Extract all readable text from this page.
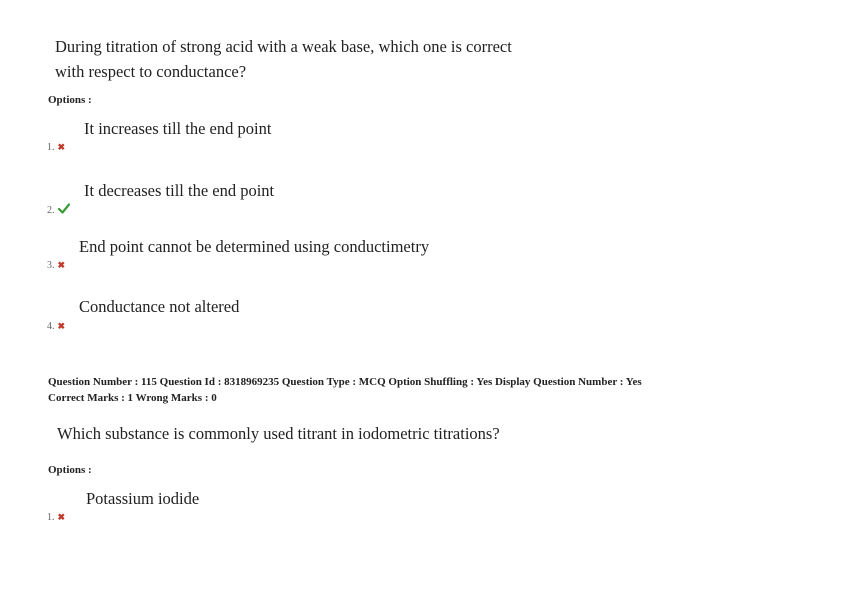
During titration of strong acid with a weak base, which one is correct
with respect to conductance?
Options :
It increases till the end point
1. ✖
It decreases till the end point
2.
End point cannot be determined using conductimetry
3. ✖
Conductance not altered
4. ✖
Question Number : 115 Question Id : 8318969235 Question Type : MCQ Option Shuffling : Yes Display Question Number : Yes
Correct Marks : 1 Wrong Marks : 0
Which substance is commonly used titrant in iodometric titrations?
Options :
Potassium iodide
1. ✖
